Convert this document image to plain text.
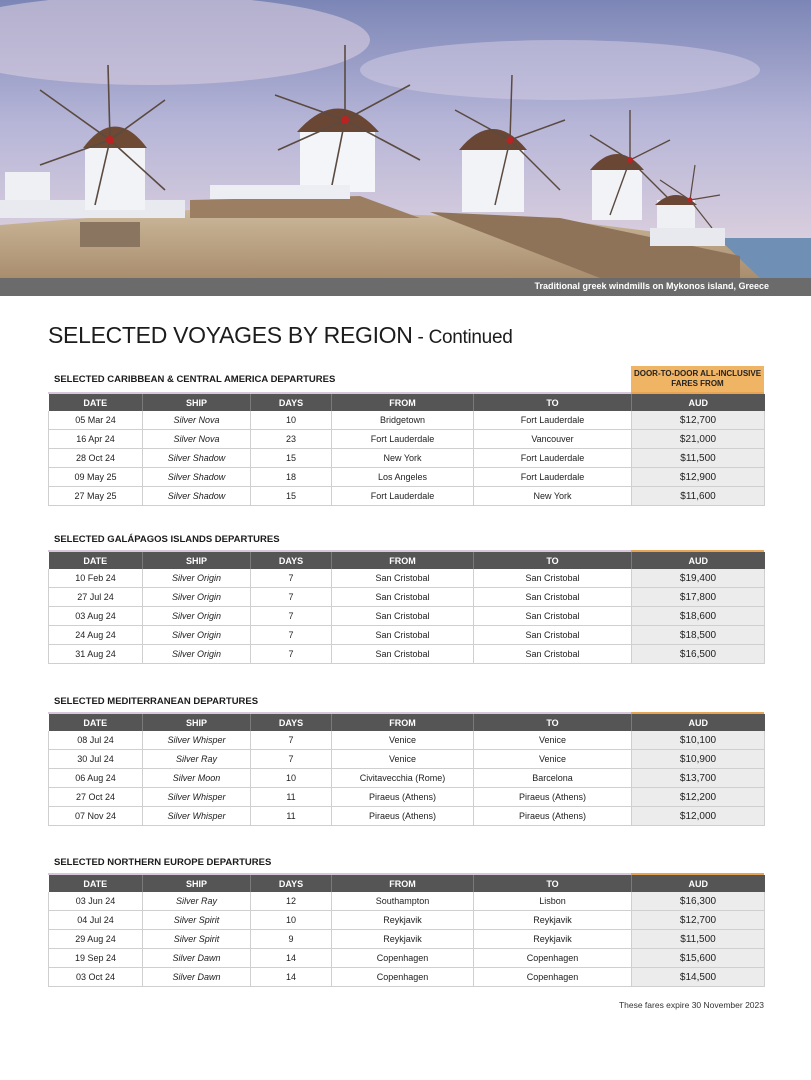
Traditional greek windmills on Mykonos island, Greece
SELECTED VOYAGES BY REGION - Continued
SELECTED CARIBBEAN & CENTRAL AMERICA DEPARTURES
DOOR-TO-DOOR ALL-INCLUSIVE FARES FROM
DATE	SHIP	DAYS	FROM	TO	AUD
05 Mar 24	Silver Nova	10	Bridgetown	Fort Lauderdale	$12,700
16 Apr 24	Silver Nova	23	Fort Lauderdale	Vancouver	$21,000
28 Oct 24	Silver Shadow	15	New York	Fort Lauderdale	$11,500
09 May 25	Silver Shadow	18	Los Angeles	Fort Lauderdale	$12,900
27 May 25	Silver Shadow	15	Fort Lauderdale	New York	$11,600
SELECTED GALÁPAGOS ISLANDS DEPARTURES
DATE	SHIP	DAYS	FROM	TO	AUD
10 Feb 24	Silver Origin	7	San Cristobal	San Cristobal	$19,400
27 Jul 24	Silver Origin	7	San Cristobal	San Cristobal	$17,800
03 Aug 24	Silver Origin	7	San Cristobal	San Cristobal	$18,600
24 Aug 24	Silver Origin	7	San Cristobal	San Cristobal	$18,500
31 Aug 24	Silver Origin	7	San Cristobal	San Cristobal	$16,500
SELECTED MEDITERRANEAN DEPARTURES
DATE	SHIP	DAYS	FROM	TO	AUD
08 Jul 24	Silver Whisper	7	Venice	Venice	$10,100
30 Jul 24	Silver Ray	7	Venice	Venice	$10,900
06 Aug 24	Silver Moon	10	Civitavecchia (Rome)	Barcelona	$13,700
27 Oct 24	Silver Whisper	11	Piraeus (Athens)	Piraeus (Athens)	$12,200
07 Nov 24	Silver Whisper	11	Piraeus (Athens)	Piraeus (Athens)	$12,000
SELECTED NORTHERN EUROPE DEPARTURES
DATE	SHIP	DAYS	FROM	TO	AUD
03 Jun 24	Silver Ray	12	Southampton	Lisbon	$16,300
04 Jul 24	Silver Spirit	10	Reykjavik	Reykjavik	$12,700
29 Aug 24	Silver Spirit	9	Reykjavik	Reykjavik	$11,500
19 Sep 24	Silver Dawn	14	Copenhagen	Copenhagen	$15,600
03 Oct 24	Silver Dawn	14	Copenhagen	Copenhagen	$14,500
These fares expire 30 November 2023
